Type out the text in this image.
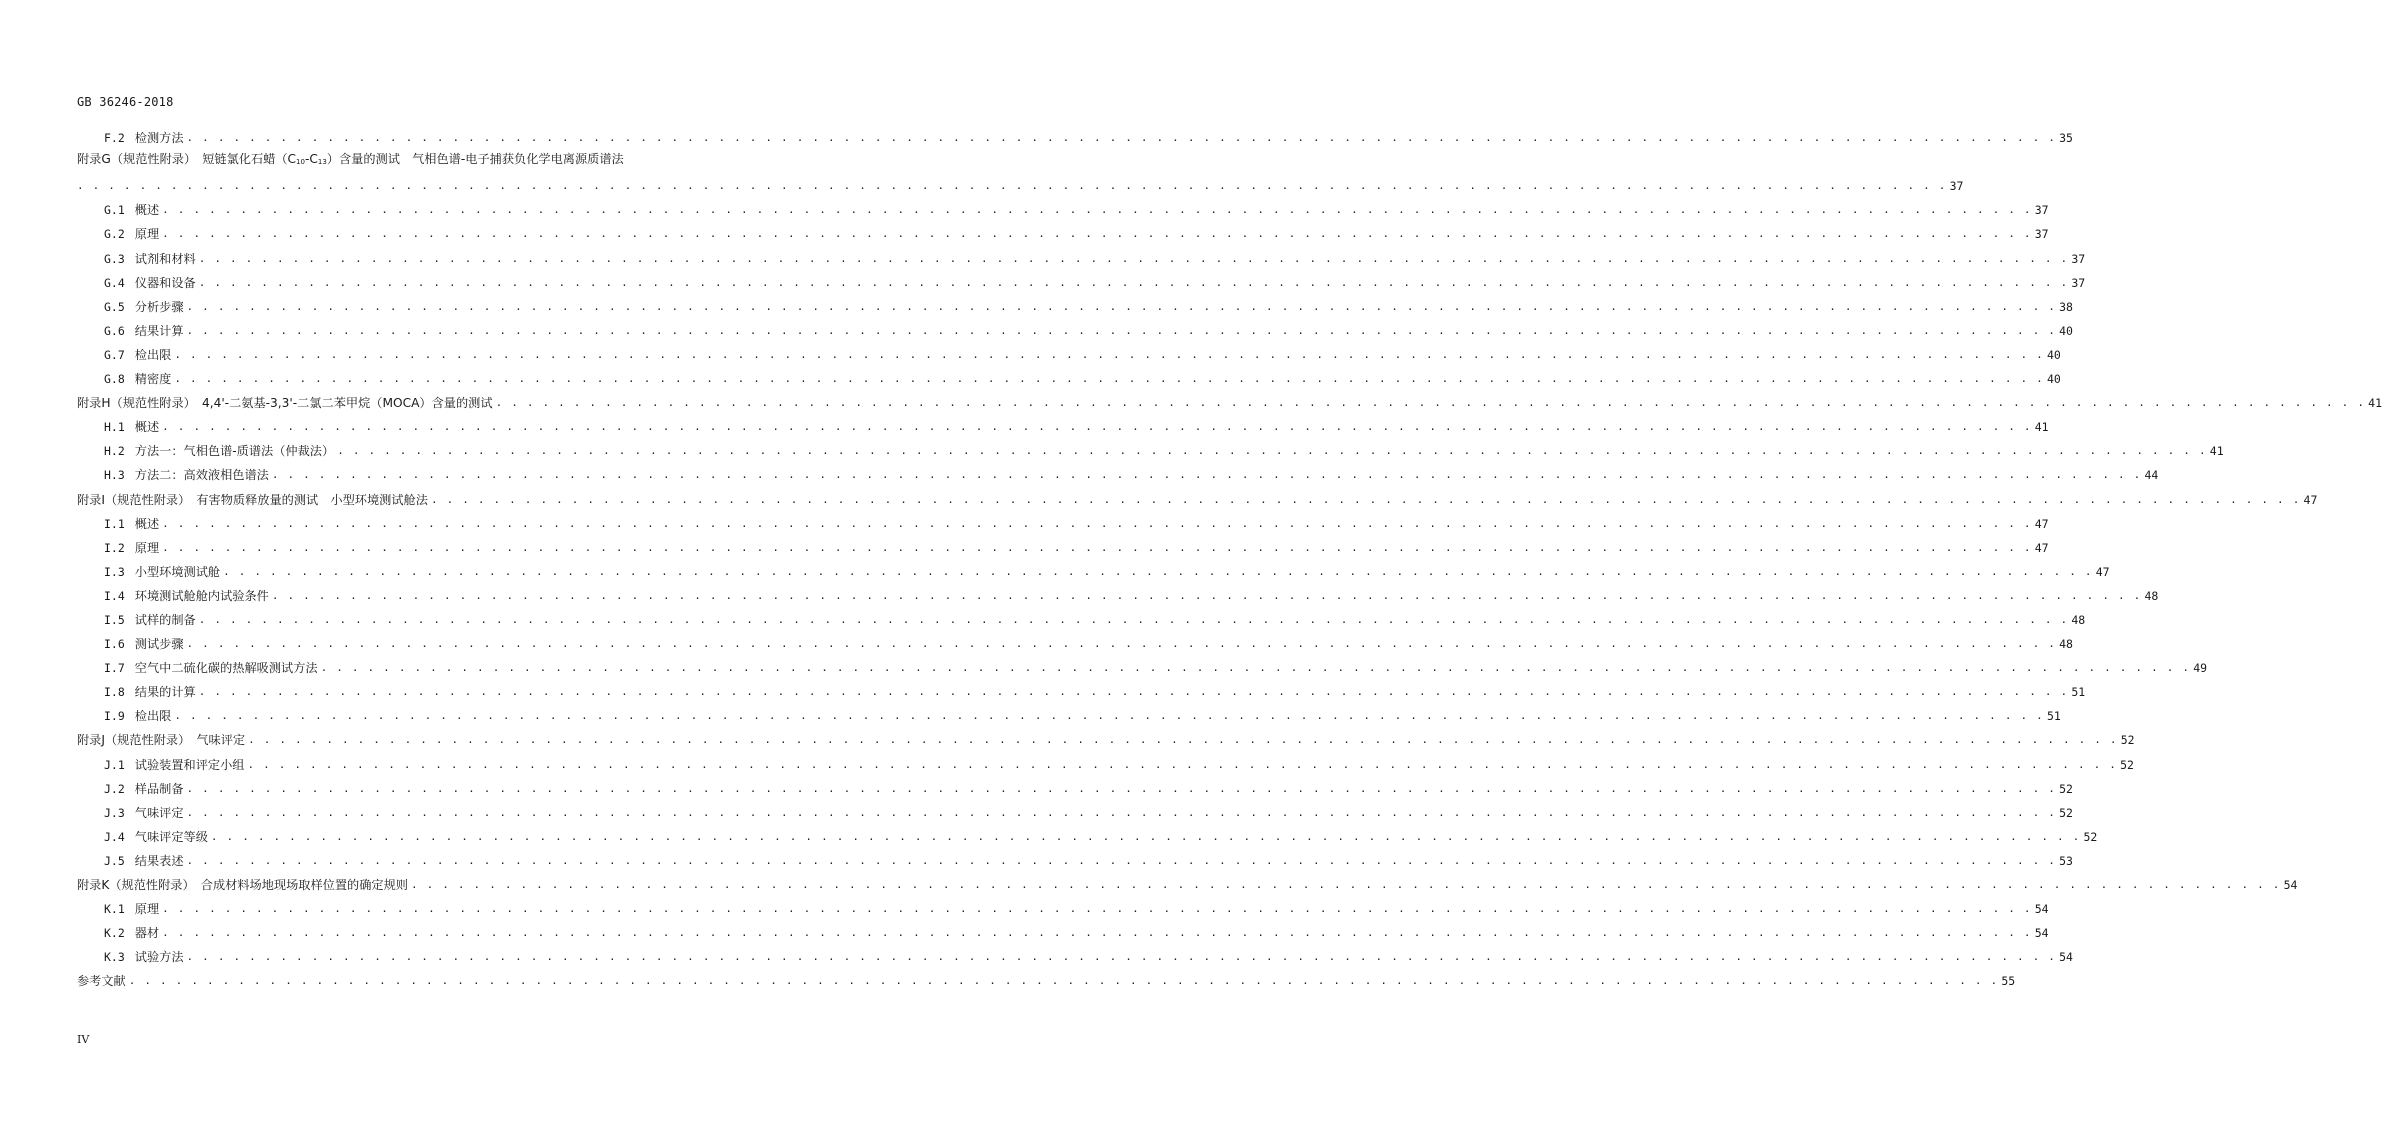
GB 36246-2018
F.2 检测方法 . . . . . . . . . . . . . . . . . . . . . . . . . . . . . . . . . . . . . . . . . . . . . . . . . . . . . . . . . . . . . . . . . . . . . . . . . . . . . . . . . . . . . . . . . . . . . . . . . . . . . . . . . . . . . . . . . . . . . . . . 35
附录G（规范性附录）　短链氯化石蜡$(C_{10}-C_{13})$含量的测试　气相色谱-电子捕获负化学电离源质谱法
. . . . . . . . . . . . . . . . . . . . . . . . . . . . . . . . . . . . . . . . . . . . . . . . . . . . . . . . . . . . . . . . . . . . . . . . . . . . . . . . . . . . . . . . . . . . . . . . . . . . . . . . . . . . . . . . . . . . . . . . 37
G.1 概述 . . . . . . . . . . . . . . . . . . . . . . . . . . . . . . . . . . . . . . . . . . . . . . . . . . . . . . . . . . . . . . . . . . . . . . . . . . . . . . . . . . . . . . . . . . . . . . . . . . . . . . . . . . . . . . . . . . . . . . . . 37
G.2 原理 . . . . . . . . . . . . . . . . . . . . . . . . . . . . . . . . . . . . . . . . . . . . . . . . . . . . . . . . . . . . . . . . . . . . . . . . . . . . . . . . . . . . . . . . . . . . . . . . . . . . . . . . . . . . . . . . . . . . . . . . 37
G.3 试剂和材料 . . . . . . . . . . . . . . . . . . . . . . . . . . . . . . . . . . . . . . . . . . . . . . . . . . . . . . . . . . . . . . . . . . . . . . . . . . . . . . . . . . . . . . . . . . . . . . . . . . . . . . . . . . . . . . . . . . . . . . . . 37
G.4 仪器和设备 . . . . . . . . . . . . . . . . . . . . . . . . . . . . . . . . . . . . . . . . . . . . . . . . . . . . . . . . . . . . . . . . . . . . . . . . . . . . . . . . . . . . . . . . . . . . . . . . . . . . . . . . . . . . . . . . . . . . . . . . 37
G.5 分析步骤 . . . . . . . . . . . . . . . . . . . . . . . . . . . . . . . . . . . . . . . . . . . . . . . . . . . . . . . . . . . . . . . . . . . . . . . . . . . . . . . . . . . . . . . . . . . . . . . . . . . . . . . . . . . . . . . . . . . . . . . . 38
G.6 结果计算 . . . . . . . . . . . . . . . . . . . . . . . . . . . . . . . . . . . . . . . . . . . . . . . . . . . . . . . . . . . . . . . . . . . . . . . . . . . . . . . . . . . . . . . . . . . . . . . . . . . . . . . . . . . . . . . . . . . . . . . . 40
G.7 检出限 . . . . . . . . . . . . . . . . . . . . . . . . . . . . . . . . . . . . . . . . . . . . . . . . . . . . . . . . . . . . . . . . . . . . . . . . . . . . . . . . . . . . . . . . . . . . . . . . . . . . . . . . . . . . . . . . . . . . . . . . 40
G.8 精密度 . . . . . . . . . . . . . . . . . . . . . . . . . . . . . . . . . . . . . . . . . . . . . . . . . . . . . . . . . . . . . . . . . . . . . . . . . . . . . . . . . . . . . . . . . . . . . . . . . . . . . . . . . . . . . . . . . . . . . . . . 40
附录H（规范性附录）　4,4'-二氨基-3,3'-二氯二苯甲烷（MOCA）含量的测试 . . . . . . . . . . . . . . . . . . . . . . . . . . . . . . . . . . . . . . . . . . . . . . . . . . . . . . . . . . . . . . . . . . . . . . . . . . . . . . . . . . . . . . . . . . . . . . . . . . . . . . . . . . . . . . . . . . . . . . . . 41
H.1 概述 . . . . . . . . . . . . . . . . . . . . . . . . . . . . . . . . . . . . . . . . . . . . . . . . . . . . . . . . . . . . . . . . . . . . . . . . . . . . . . . . . . . . . . . . . . . . . . . . . . . . . . . . . . . . . . . . . . . . . . . . 41
H.2 方法一：气相色谱-质谱法（仲裁法） . . . . . . . . . . . . . . . . . . . . . . . . . . . . . . . . . . . . . . . . . . . . . . . . . . . . . . . . . . . . . . . . . . . . . . . . . . . . . . . . . . . . . . . . . . . . . . . . . . . . . . . . . . . . . . . . . . . . . . . . 41
H.3 方法二：高效液相色谱法 . . . . . . . . . . . . . . . . . . . . . . . . . . . . . . . . . . . . . . . . . . . . . . . . . . . . . . . . . . . . . . . . . . . . . . . . . . . . . . . . . . . . . . . . . . . . . . . . . . . . . . . . . . . . . . . . . . . . . . . . 44
附录I（规范性附录）　有害物质释放量的测试　小型环境测试舱法 . . . . . . . . . . . . . . . . . . . . . . . . . . . . . . . . . . . . . . . . . . . . . . . . . . . . . . . . . . . . . . . . . . . . . . . . . . . . . . . . . . . . . . . . . . . . . . . . . . . . . . . . . . . . . . . . . . . . . . . . 47
I.1 概述 . . . . . . . . . . . . . . . . . . . . . . . . . . . . . . . . . . . . . . . . . . . . . . . . . . . . . . . . . . . . . . . . . . . . . . . . . . . . . . . . . . . . . . . . . . . . . . . . . . . . . . . . . . . . . . . . . . . . . . . . 47
I.2 原理 . . . . . . . . . . . . . . . . . . . . . . . . . . . . . . . . . . . . . . . . . . . . . . . . . . . . . . . . . . . . . . . . . . . . . . . . . . . . . . . . . . . . . . . . . . . . . . . . . . . . . . . . . . . . . . . . . . . . . . . . 47
I.3 小型环境测试舱 . . . . . . . . . . . . . . . . . . . . . . . . . . . . . . . . . . . . . . . . . . . . . . . . . . . . . . . . . . . . . . . . . . . . . . . . . . . . . . . . . . . . . . . . . . . . . . . . . . . . . . . . . . . . . . . . . . . . . . . . 47
I.4 环境测试舱舱内试验条件 . . . . . . . . . . . . . . . . . . . . . . . . . . . . . . . . . . . . . . . . . . . . . . . . . . . . . . . . . . . . . . . . . . . . . . . . . . . . . . . . . . . . . . . . . . . . . . . . . . . . . . . . . . . . . . . . . . . . . . . . 48
I.5 试样的制备 . . . . . . . . . . . . . . . . . . . . . . . . . . . . . . . . . . . . . . . . . . . . . . . . . . . . . . . . . . . . . . . . . . . . . . . . . . . . . . . . . . . . . . . . . . . . . . . . . . . . . . . . . . . . . . . . . . . . . . . . 48
I.6 测试步骤 . . . . . . . . . . . . . . . . . . . . . . . . . . . . . . . . . . . . . . . . . . . . . . . . . . . . . . . . . . . . . . . . . . . . . . . . . . . . . . . . . . . . . . . . . . . . . . . . . . . . . . . . . . . . . . . . . . . . . . . . 48
I.7 空气中二硫化碳的热解吸测试方法 . . . . . . . . . . . . . . . . . . . . . . . . . . . . . . . . . . . . . . . . . . . . . . . . . . . . . . . . . . . . . . . . . . . . . . . . . . . . . . . . . . . . . . . . . . . . . . . . . . . . . . . . . . . . . . . . . . . . . . . . 49
I.8 结果的计算 . . . . . . . . . . . . . . . . . . . . . . . . . . . . . . . . . . . . . . . . . . . . . . . . . . . . . . . . . . . . . . . . . . . . . . . . . . . . . . . . . . . . . . . . . . . . . . . . . . . . . . . . . . . . . . . . . . . . . . . . 51
I.9 检出限 . . . . . . . . . . . . . . . . . . . . . . . . . . . . . . . . . . . . . . . . . . . . . . . . . . . . . . . . . . . . . . . . . . . . . . . . . . . . . . . . . . . . . . . . . . . . . . . . . . . . . . . . . . . . . . . . . . . . . . . . 51
附录J（规范性附录）　气味评定 . . . . . . . . . . . . . . . . . . . . . . . . . . . . . . . . . . . . . . . . . . . . . . . . . . . . . . . . . . . . . . . . . . . . . . . . . . . . . . . . . . . . . . . . . . . . . . . . . . . . . . . . . . . . . . . . . . . . . . . . 52
J.1 试验装置和评定小组 . . . . . . . . . . . . . . . . . . . . . . . . . . . . . . . . . . . . . . . . . . . . . . . . . . . . . . . . . . . . . . . . . . . . . . . . . . . . . . . . . . . . . . . . . . . . . . . . . . . . . . . . . . . . . . . . . . . . . . . . 52
J.2 样品制备 . . . . . . . . . . . . . . . . . . . . . . . . . . . . . . . . . . . . . . . . . . . . . . . . . . . . . . . . . . . . . . . . . . . . . . . . . . . . . . . . . . . . . . . . . . . . . . . . . . . . . . . . . . . . . . . . . . . . . . . . 52
J.3 气味评定 . . . . . . . . . . . . . . . . . . . . . . . . . . . . . . . . . . . . . . . . . . . . . . . . . . . . . . . . . . . . . . . . . . . . . . . . . . . . . . . . . . . . . . . . . . . . . . . . . . . . . . . . . . . . . . . . . . . . . . . . 52
J.4 气味评定等级 . . . . . . . . . . . . . . . . . . . . . . . . . . . . . . . . . . . . . . . . . . . . . . . . . . . . . . . . . . . . . . . . . . . . . . . . . . . . . . . . . . . . . . . . . . . . . . . . . . . . . . . . . . . . . . . . . . . . . . . . 52
J.5 结果表述 . . . . . . . . . . . . . . . . . . . . . . . . . . . . . . . . . . . . . . . . . . . . . . . . . . . . . . . . . . . . . . . . . . . . . . . . . . . . . . . . . . . . . . . . . . . . . . . . . . . . . . . . . . . . . . . . . . . . . . . . 53
附录K（规范性附录）　合成材料场地现场取样位置的确定规则 . . . . . . . . . . . . . . . . . . . . . . . . . . . . . . . . . . . . . . . . . . . . . . . . . . . . . . . . . . . . . . . . . . . . . . . . . . . . . . . . . . . . . . . . . . . . . . . . . . . . . . . . . . . . . . . . . . . . . . . . 54
K.1 原理 . . . . . . . . . . . . . . . . . . . . . . . . . . . . . . . . . . . . . . . . . . . . . . . . . . . . . . . . . . . . . . . . . . . . . . . . . . . . . . . . . . . . . . . . . . . . . . . . . . . . . . . . . . . . . . . . . . . . . . . . 54
K.2 器材 . . . . . . . . . . . . . . . . . . . . . . . . . . . . . . . . . . . . . . . . . . . . . . . . . . . . . . . . . . . . . . . . . . . . . . . . . . . . . . . . . . . . . . . . . . . . . . . . . . . . . . . . . . . . . . . . . . . . . . . . 54
K.3 试验方法 . . . . . . . . . . . . . . . . . . . . . . . . . . . . . . . . . . . . . . . . . . . . . . . . . . . . . . . . . . . . . . . . . . . . . . . . . . . . . . . . . . . . . . . . . . . . . . . . . . . . . . . . . . . . . . . . . . . . . . . . 54
参考文献 . . . . . . . . . . . . . . . . . . . . . . . . . . . . . . . . . . . . . . . . . . . . . . . . . . . . . . . . . . . . . . . . . . . . . . . . . . . . . . . . . . . . . . . . . . . . . . . . . . . . . . . . . . . . . . . . . . . . . . . . 55
IV
